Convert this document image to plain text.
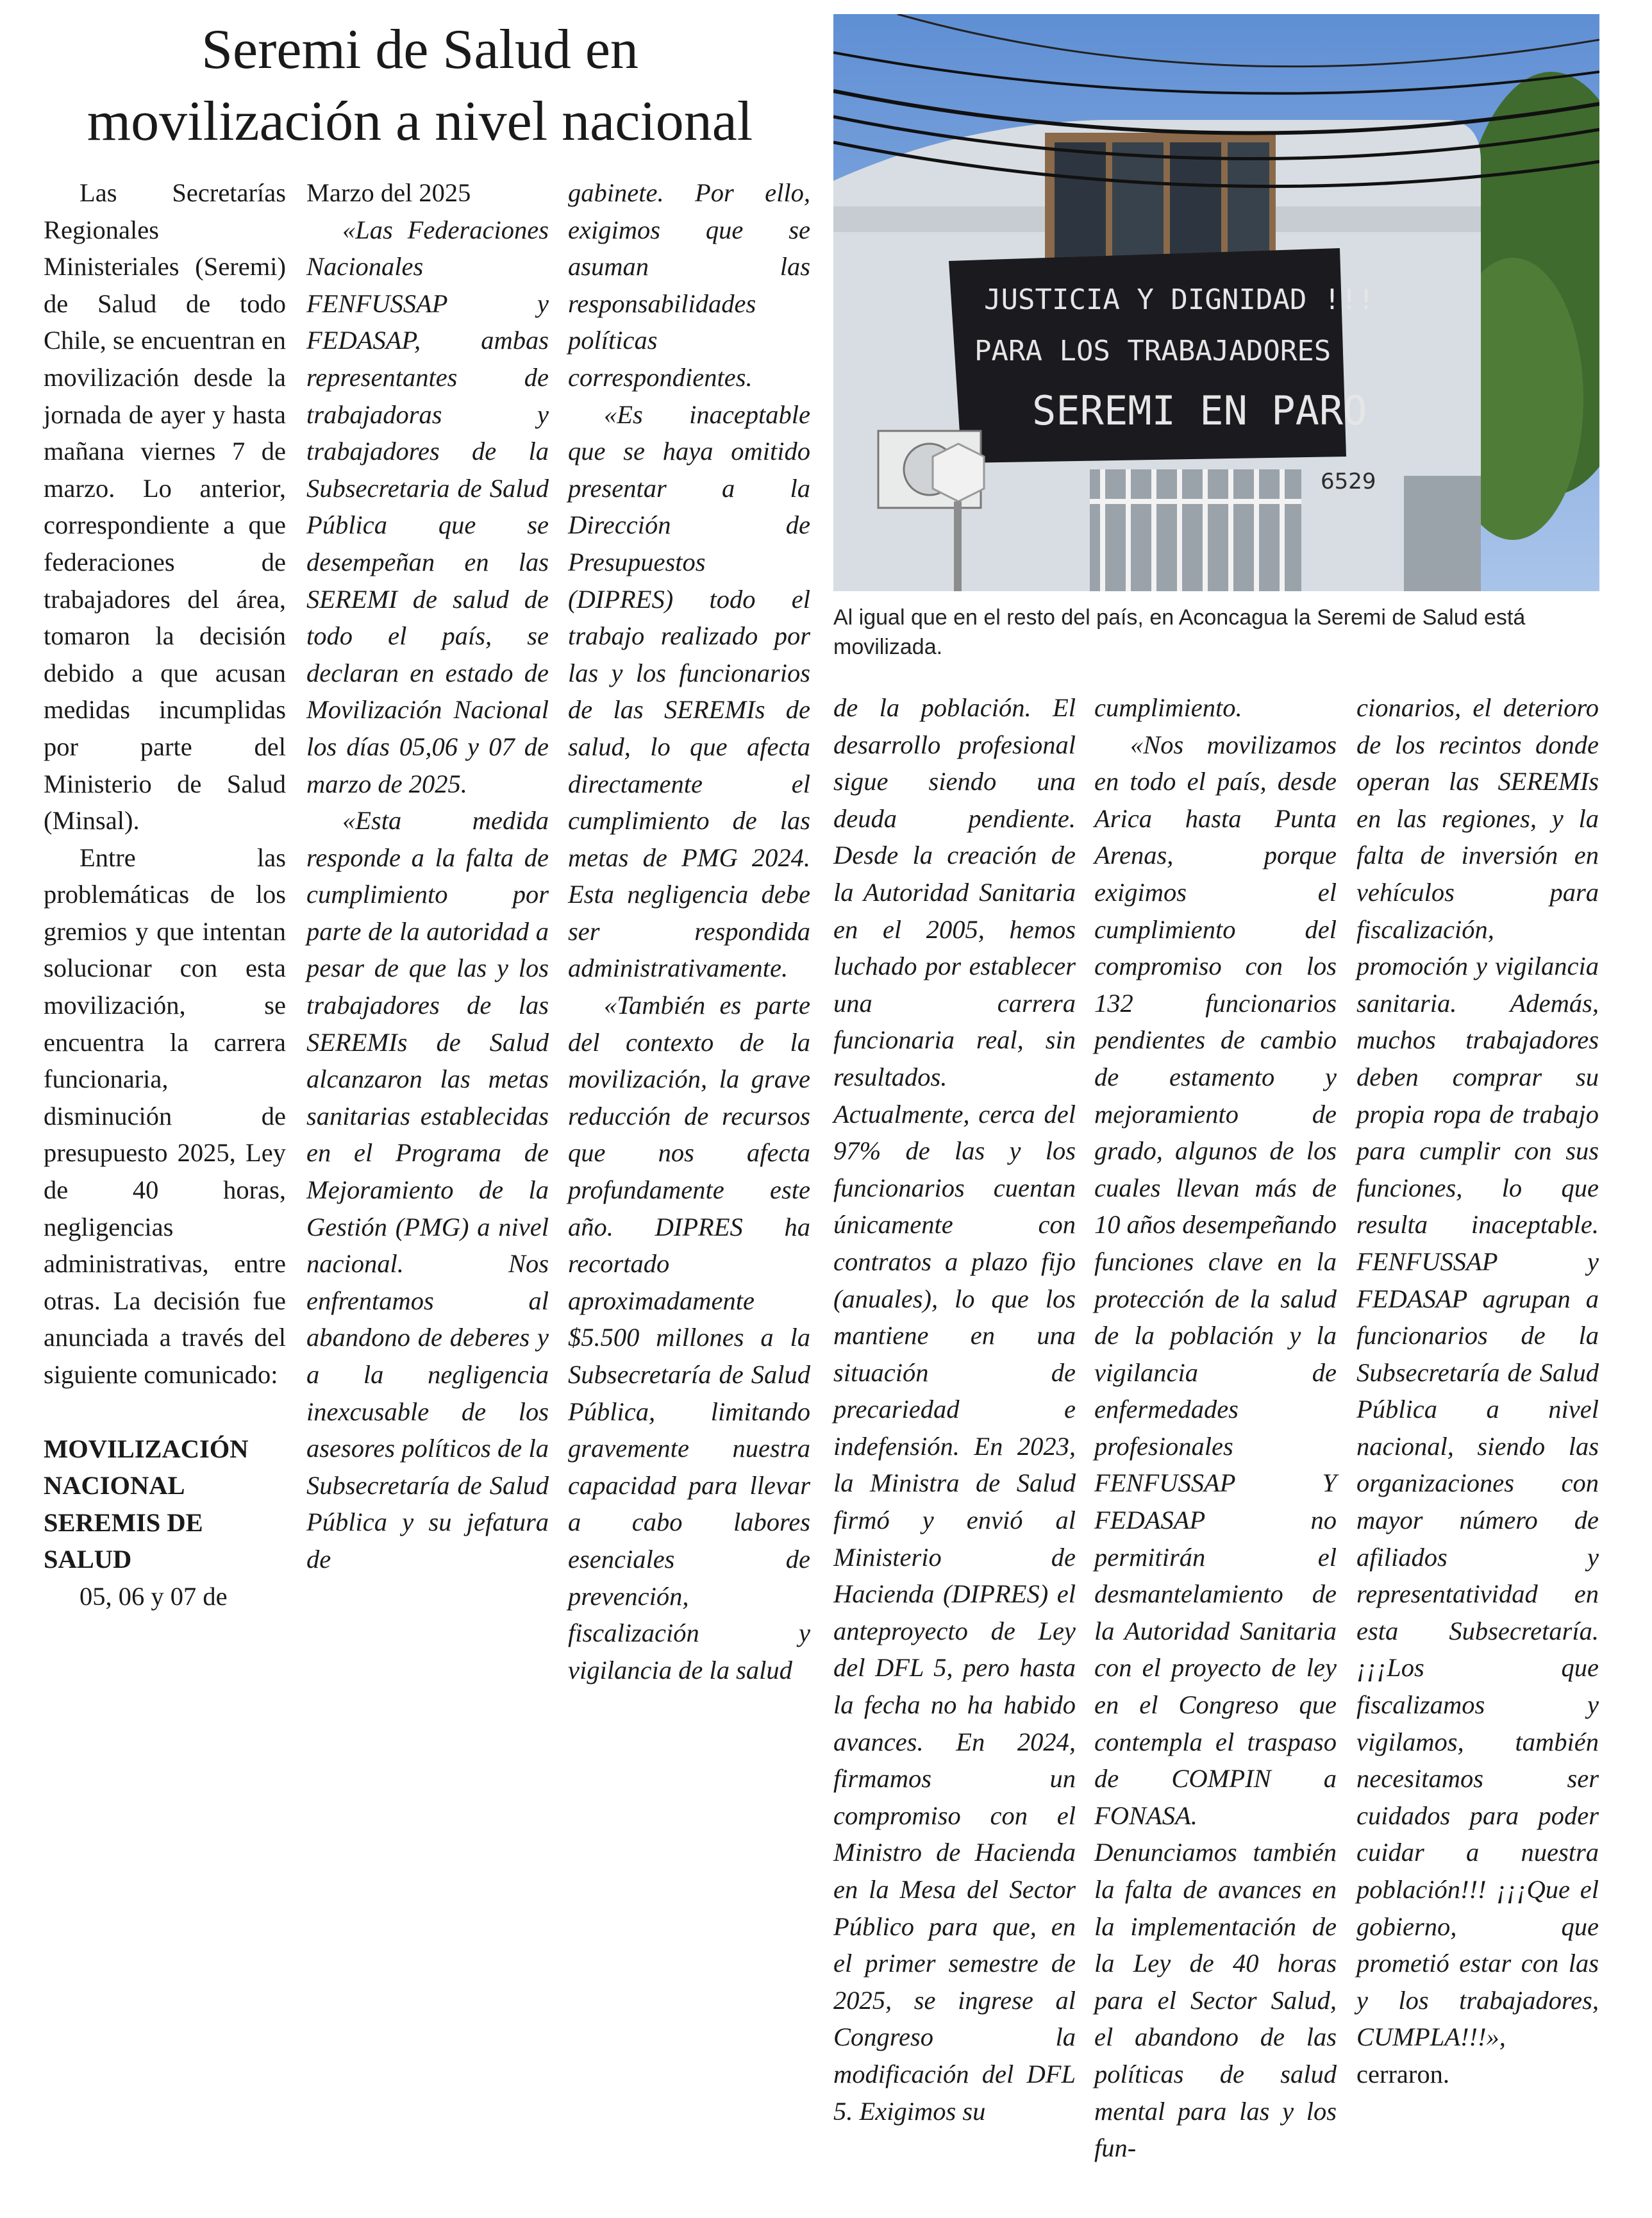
Seremi de Salud en
movilización a nivel nacional

Las Secretarías Regionales Ministeriales (Seremi) de Salud de todo Chile, se encuentran en movilización desde la jornada de ayer y hasta mañana viernes 7 de marzo. Lo anterior, correspondiente a que federaciones de trabajadores del área, tomaron la decisión debido a que acusan medidas incumplidas por parte del Ministerio de Salud (Minsal).

Entre las problemáticas de los gremios y que intentan solucionar con esta movilización, se encuentra la carrera funcionaria, disminución de presupuesto 2025, Ley de 40 horas, negligencias administrativas, entre otras. La decisión fue anunciada a través del siguiente comunicado:

MOVILIZACIÓN NACIONAL SEREMIS DE SALUD

05, 06 y 07 de

Marzo del 2025

«Las Federaciones Nacionales FENFUSSAP y FEDASAP, ambas representantes de trabajadoras y trabajadores de la Subsecretaria de Salud Pública que se desempeñan en las SEREMI de salud de todo el país, se declaran en estado de Movilización Nacional los días 05,06 y 07 de marzo de 2025.

«Esta medida responde a la falta de cumplimiento por parte de la autoridad a pesar de que las y los trabajadores de las SEREMIs de Salud alcanzaron las metas sanitarias establecidas en el Programa de Mejoramiento de la Gestión (PMG) a nivel nacional. Nos enfrentamos al abandono de deberes y a la negligencia inexcusable de los asesores políticos de la Subsecretaría de Salud Pública y su jefatura de

gabinete. Por ello, exigimos que se asuman las responsabilidades políticas correspondientes.

«Es inaceptable que se haya omitido presentar a la Dirección de Presupuestos (DIPRES) todo el trabajo realizado por las y los funcionarios de las SEREMIs de salud, lo que afecta directamente el cumplimiento de las metas de PMG 2024. Esta negligencia debe ser respondida administrativamente.

«También es parte del contexto de la movilización, la grave reducción de recursos que nos afecta profundamente este año. DIPRES ha recortado aproximadamente $5.500 millones a la Subsecretaría de Salud Pública, limitando gravemente nuestra capacidad para llevar a cabo labores esenciales de prevención, fiscalización y vigilancia de la salud

JUSTICIA Y DIGNIDAD !!!
PARA LOS TRABAJADORES
SEREMI EN PARO
6529
Al igual que en el resto del país, en Aconcagua la Seremi de Salud está movilizada.

de la población. El desarrollo profesional sigue siendo una deuda pendiente. Desde la creación de la Autoridad Sanitaria en el 2005, hemos luchado por establecer una carrera funcionaria real, sin resultados. Actualmente, cerca del 97% de las y los funcionarios cuentan únicamente con contratos a plazo fijo (anuales), lo que los mantiene en una situación de precariedad e indefensión. En 2023, la Ministra de Salud firmó y envió al Ministerio de Hacienda (DIPRES) el anteproyecto de Ley del DFL 5, pero hasta la fecha no ha habido avances. En 2024, firmamos un compromiso con el Ministro de Hacienda en la Mesa del Sector Público para que, en el primer semestre de 2025, se ingrese al Congreso la modificación del DFL 5. Exigimos su

cumplimiento.

«Nos movilizamos en todo el país, desde Arica hasta Punta Arenas, porque exigimos el cumplimiento del compromiso con los 132 funcionarios pendientes de cambio de estamento y mejoramiento de grado, algunos de los cuales llevan más de 10 años desempeñando funciones clave en la protección de la salud de la población y la vigilancia de enfermedades profesionales FENFUSSAP Y FEDASAP no permitirán el desmantelamiento de la Autoridad Sanitaria con el proyecto de ley en el Congreso que contempla el traspaso de COMPIN a FONASA. Denunciamos también la falta de avances en la implementación de la Ley de 40 horas para el Sector Salud, el abandono de las políticas de salud mental para las y los fun-

cionarios, el deterioro de los recintos donde operan las SEREMIs en las regiones, y la falta de inversión en vehículos para fiscalización, promoción y vigilancia sanitaria. Además, muchos trabajadores deben comprar su propia ropa de trabajo para cumplir con sus funciones, lo que resulta inaceptable. FENFUSSAP y FEDASAP agrupan a funcionarios de la Subsecretaría de Salud Pública a nivel nacional, siendo las organizaciones con mayor número de afiliados y representatividad en esta Subsecretaría. ¡¡¡Los que fiscalizamos y vigilamos, también necesitamos ser cuidados para poder cuidar a nuestra población!!! ¡¡¡Que el gobierno, que prometió estar con las y los trabajadores, CUMPLA!!!», cerraron.
